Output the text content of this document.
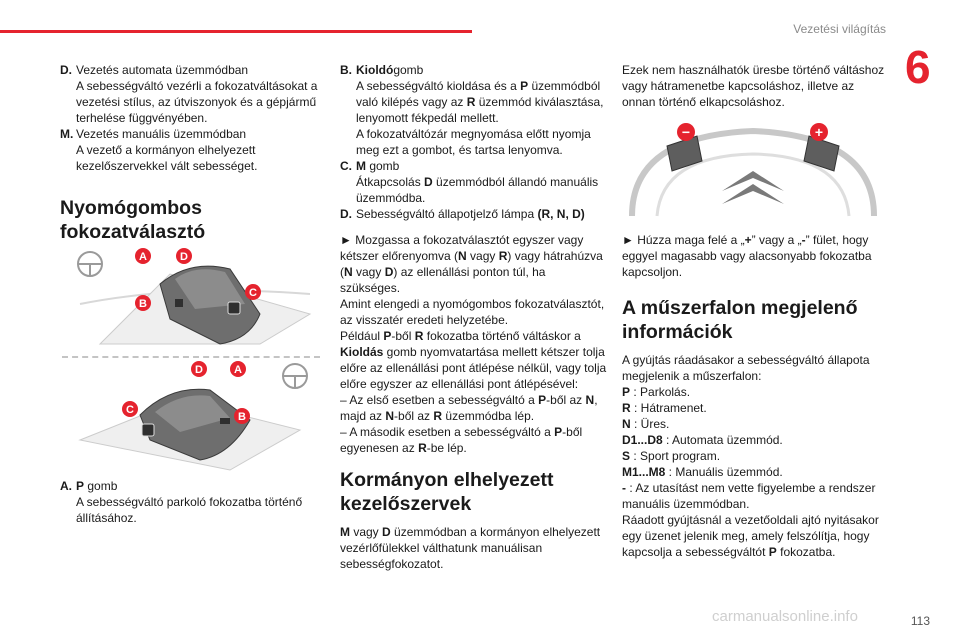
Vezetési világítás
6
D. Vezetés automata üzemmódban

A sebességváltó vezérli a fokozatváltásokat a vezetési stílus, az útviszonyok és a gépjármű terhelése függvényében.

M. Vezetés manuális üzemmódban

A vezető a kormányon elhelyezett kezelőszervekkel vált sebességet.

Nyomógombos fokozatválasztó
A	D
B
C
D	A
C
B
A. P gomb

A sebességváltó parkoló fokozatba történő állításához.

B. Kioldógomb

A sebességváltó kioldása és a P üzemmódból való kilépés vagy az R üzemmód kiválasztása, lenyomott fékpedál mellett.

A fokozatváltózár megnyomása előtt nyomja meg ezt a gombot, és tartsa lenyomva.

C. M gomb

Átkapcsolás D üzemmódból állandó manuális üzemmódba.

D. Sebességváltó állapotjelző lámpa (R, N, D)

► Mozgassa a fokozatválasztót egyszer vagy kétszer előrenyomva (N vagy R) vagy hátrahúzva (N vagy D) az ellenállási ponton túl, ha szükséges.

Amint elengedi a nyomógombos fokozatválasztót, az visszatér eredeti helyzetébe.

Például P-ből R fokozatba történő váltáskor a Kioldás gomb nyomvatartása mellett kétszer tolja előre az ellenállási pont átlépése nélkül, vagy tolja előre egyszer az ellenállási pont átlépésével:

– Az első esetben a sebességváltó a P-ből az N, majd az N-ből az R üzemmódba lép.

– A második esetben a sebességváltó a P-ből egyenesen az R-be lép.

Kormányon elhelyezett kezelőszervek

M vagy D üzemmódban a kormányon elhelyezett vezérlőfülekkel válthatunk manuálisan sebességfokozatot.

Ezek nem használhatók üresbe történő váltáshoz vagy hátramenetbe kapcsoláshoz, illetve az onnan történő elkapcsoláshoz.

−	+

► Húzza maga felé a „+” vagy a „-” fület, hogy eggyel magasabb vagy alacsonyabb fokozatba kapcsoljon.

A műszerfalon megjelenő információk

A gyújtás ráadásakor a sebességváltó állapota megjelenik a műszerfalon:

P : Parkolás.

R : Hátramenet.

N : Üres.

D1...D8 : Automata üzemmód.

S : Sport program.

M1...M8 : Manuális üzemmód.

- : Az utasítást nem vette figyelembe a rendszer manuális üzemmódban.

Ráadott gyújtásnál a vezetőoldali ajtó nyitásakor egy üzenet jelenik meg, amely felszólítja, hogy kapcsolja a sebességváltót P fokozatba.

carmanualsonline.info	113
